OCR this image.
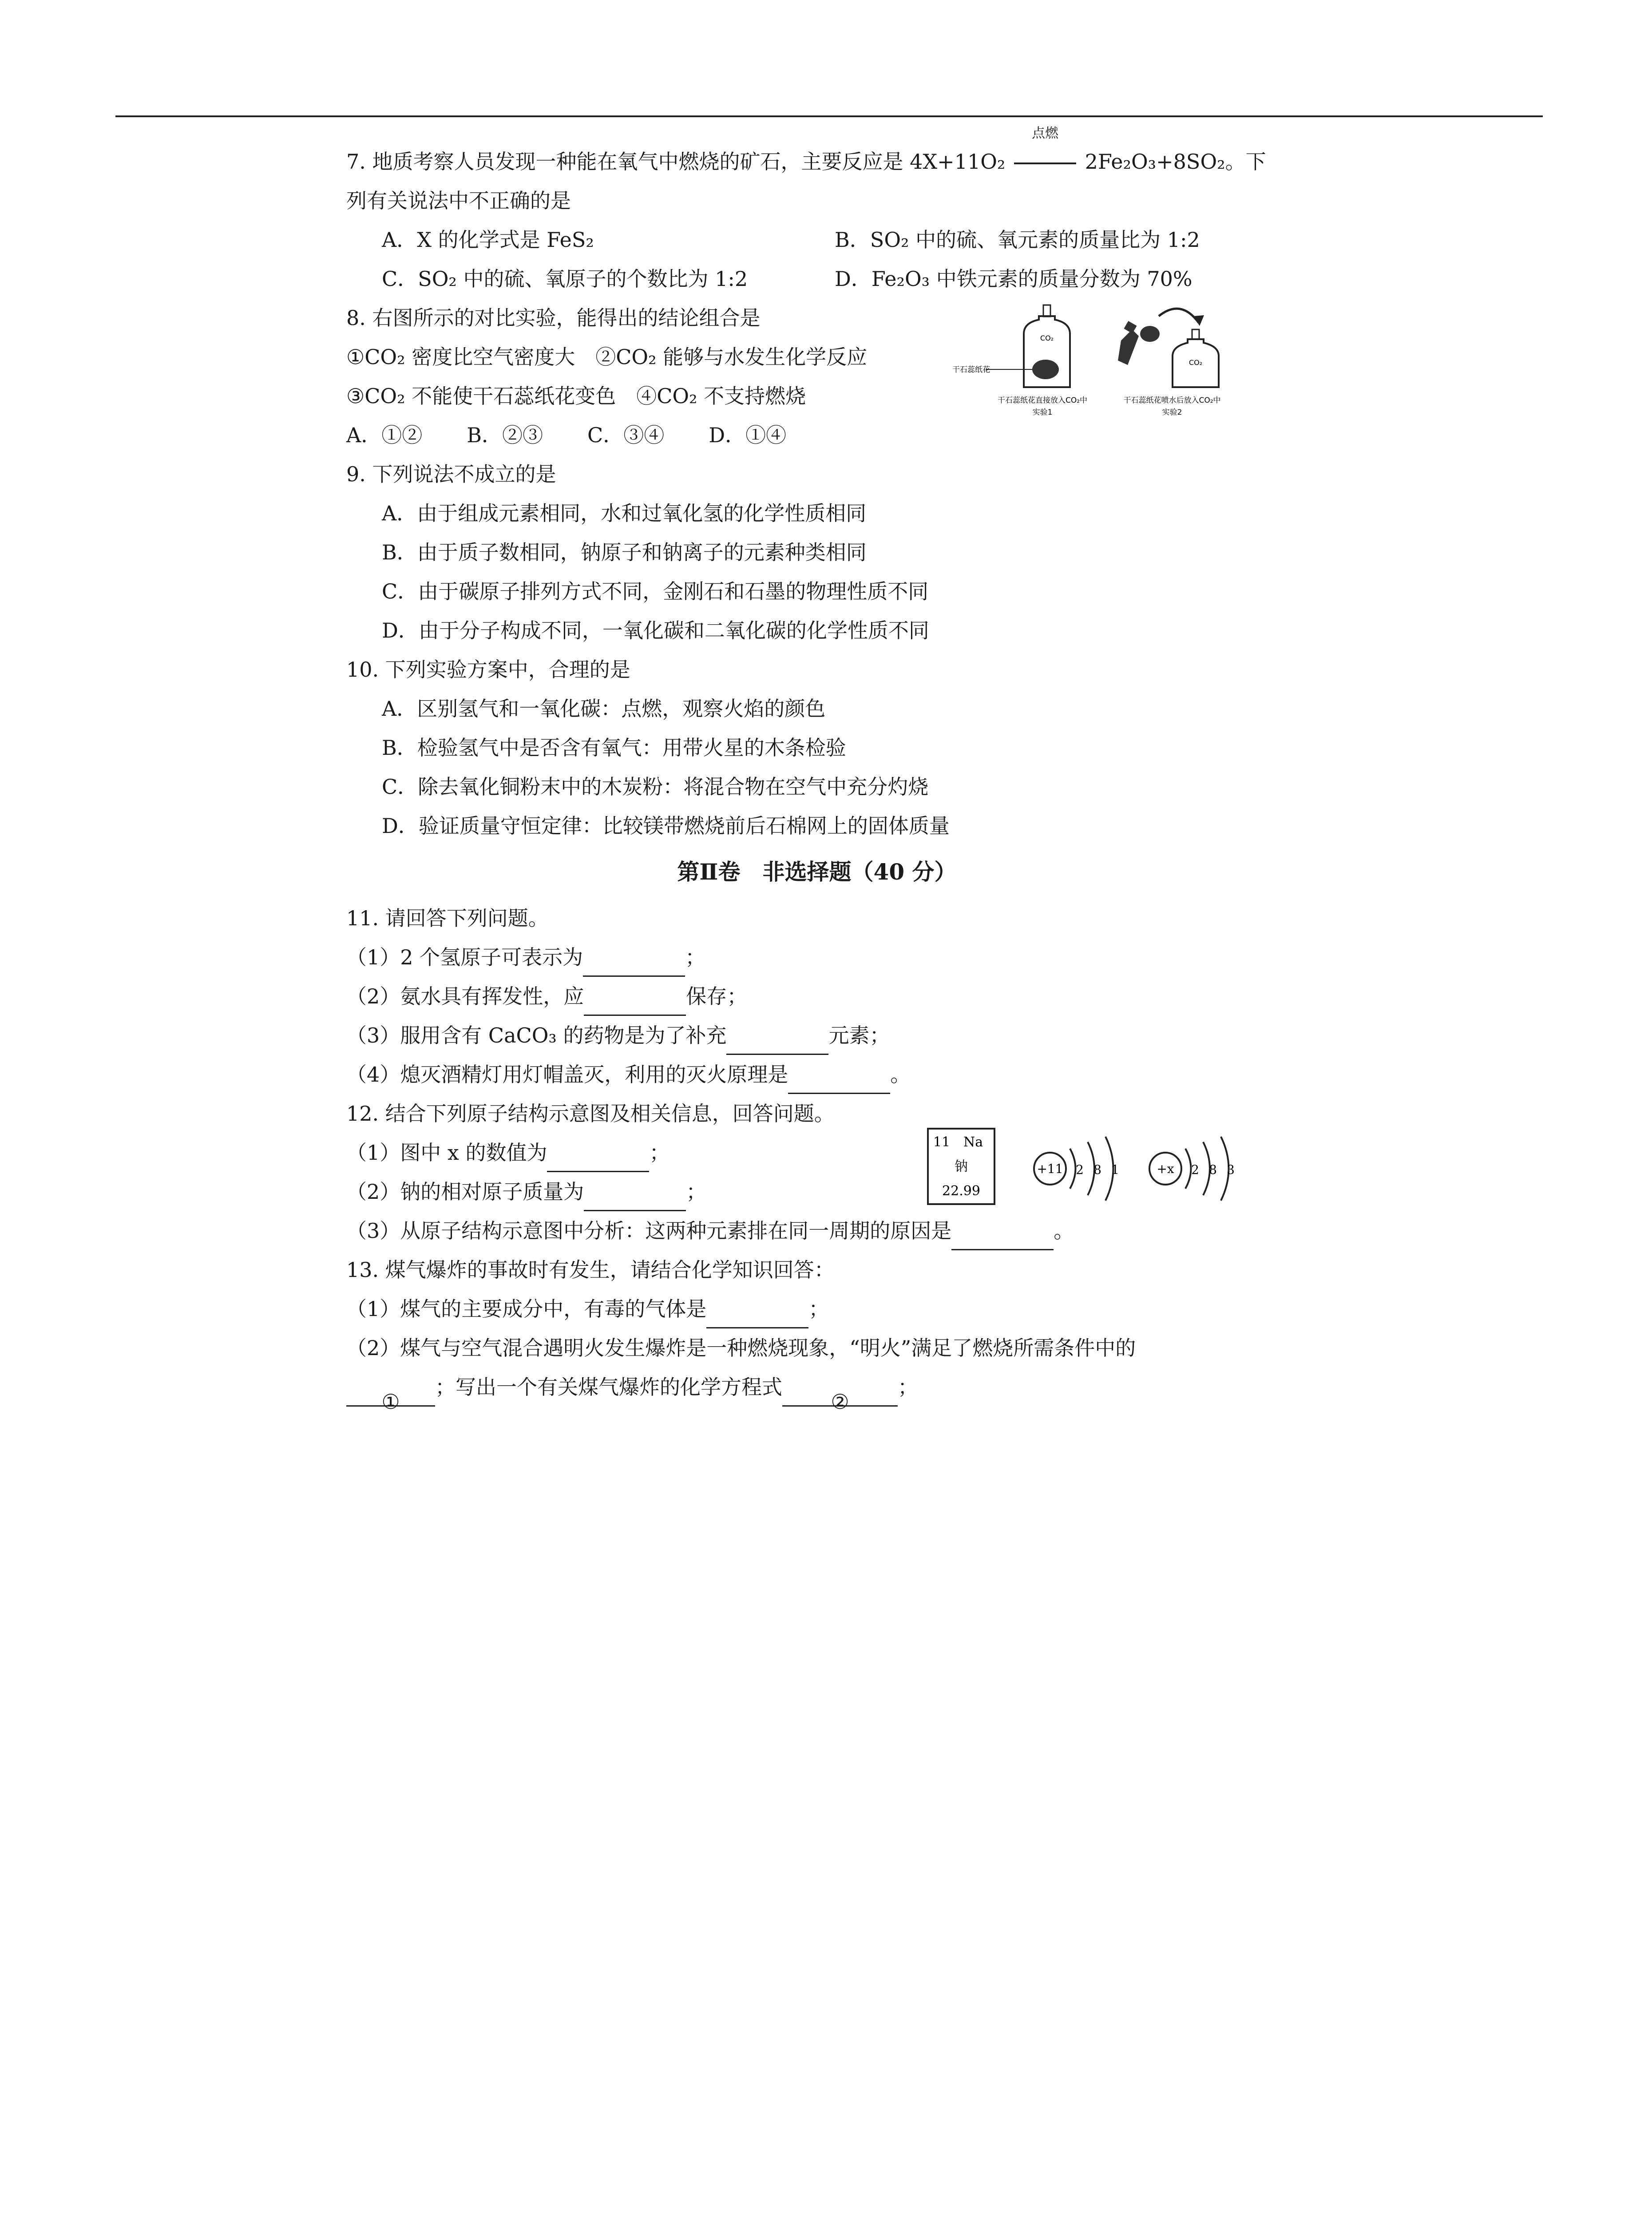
7. 地质考察人员发现一种能在氧气中燃烧的矿石，主要反应是 4X+11O₂
点燃
2Fe₂O₃+8SO₂。下
列有关说法中不正确的是
A．X 的化学式是 FeS₂	B．SO₂ 中的硫、氧元素的质量比为 1:2
C．SO₂ 中的硫、氧原子的个数比为 1:2	D．Fe₂O₃ 中铁元素的质量分数为 70%
8. 右图所示的对比实验，能得出的结论组合是
①CO₂ 密度比空气密度大　②CO₂ 能够与水发生化学反应
③CO₂ 不能使干石蕊纸花变色　④CO₂ 不支持燃烧
A．①② B．②③ C．③④ D．①④
CO₂
干石蕊纸花
CO₂
干石蕊纸花直接放入CO₂中
实验1
干石蕊纸花喷水后放入CO₂中
实验2
9. 下列说法不成立的是
A．由于组成元素相同，水和过氧化氢的化学性质相同
B．由于质子数相同，钠原子和钠离子的元素种类相同
C．由于碳原子排列方式不同，金刚石和石墨的物理性质不同
D．由于分子构成不同，一氧化碳和二氧化碳的化学性质不同
10. 下列实验方案中，合理的是
A．区别氢气和一氧化碳：点燃，观察火焰的颜色
B．检验氢气中是否含有氧气：用带火星的木条检验
C．除去氧化铜粉末中的木炭粉：将混合物在空气中充分灼烧
D．验证质量守恒定律：比较镁带燃烧前后石棉网上的固体质量
第Ⅱ卷　非选择题（40 分）
11. 请回答下列问题。
（1）2 个氢原子可表示为	；
（2）氨水具有挥发性，应	保存；
（3）服用含有 CaCO₃ 的药物是为了补充	元素；
（4）熄灭酒精灯用灯帽盖灭，利用的灭火原理是	。
12. 结合下列原子结构示意图及相关信息，回答问题。
11 Na
钠
22.99
+11 2 8 1	+x 2 8 3
（1）图中 x 的数值为	；
（2）钠的相对原子质量为	；
（3）从原子结构示意图中分析：这两种元素排在同一周期的原因是	。
13. 煤气爆炸的事故时有发生，请结合化学知识回答：
（1）煤气的主要成分中，有毒的气体是	；
（2）煤气与空气混合遇明火发生爆炸是一种燃烧现象，“明火”满足了燃烧所需条件中的
①；写出一个有关煤气爆炸的化学方程式②；
